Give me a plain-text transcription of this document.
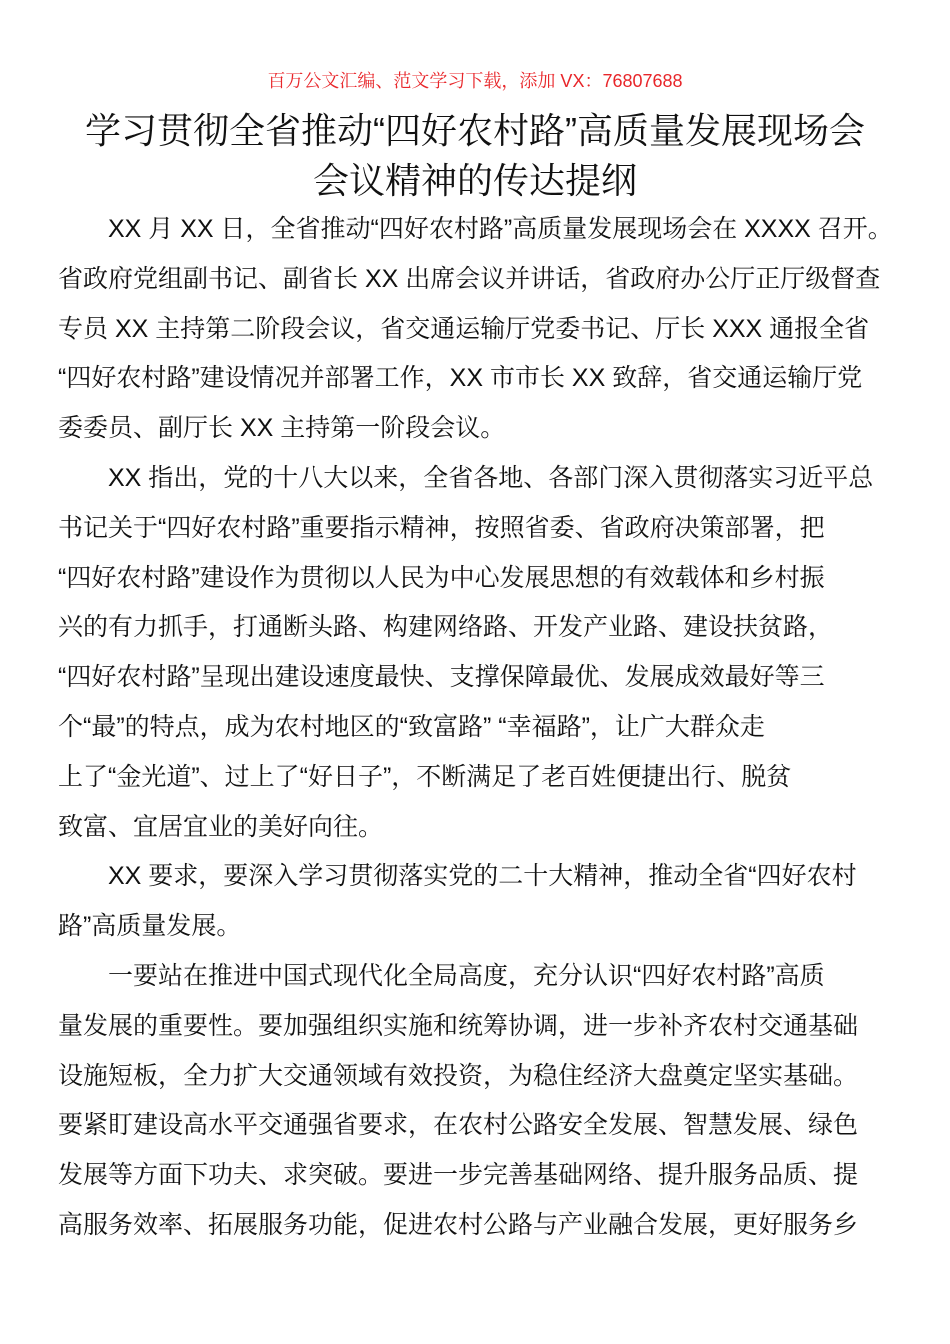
百万公文汇编、范文学习下载，添加 VX：76807688
学习贯彻全省推动“四好农村路”高质量发展现场会
会议精神的传达提纲
XX 月 XX 日，全省推动“四好农村路”高质量发展现场会在 XXXX 召开。
省政府党组副书记、副省长 XX 出席会议并讲话，省政府办公厅正厅级督查
专员 XX 主持第二阶段会议，省交通运输厅党委书记、厅长 XXX 通报全省
“四好农村路”建设情况并部署工作，XX 市市长 XX 致辞，省交通运输厅党
委委员、副厅长 XX 主持第一阶段会议。
XX 指出，党的十八大以来，全省各地、各部门深入贯彻落实习近平总
书记关于“四好农村路”重要指示精神，按照省委、省政府决策部署，把
“四好农村路”建设作为贯彻以人民为中心发展思想的有效载体和乡村振
兴的有力抓手，打通断头路、构建网络路、开发产业路、建设扶贫路，
“四好农村路”呈现出建设速度最快、支撑保障最优、发展成效最好等三
个“最”的特点，成为农村地区的“致富路” “幸福路”，让广大群众走
上了“金光道”、过上了“好日子”，不断满足了老百姓便捷出行、脱贫
致富、宜居宜业的美好向往。
XX 要求，要深入学习贯彻落实党的二十大精神，推动全省“四好农村
路”高质量发展。
一要站在推进中国式现代化全局高度，充分认识“四好农村路”高质
量发展的重要性。要加强组织实施和统筹协调，进一步补齐农村交通基础
设施短板，全力扩大交通领域有效投资，为稳住经济大盘奠定坚实基础。
要紧盯建设高水平交通强省要求，在农村公路安全发展、智慧发展、绿色
发展等方面下功夫、求突破。要进一步完善基础网络、提升服务品质、提
高服务效率、拓展服务功能，促进农村公路与产业融合发展，更好服务乡
